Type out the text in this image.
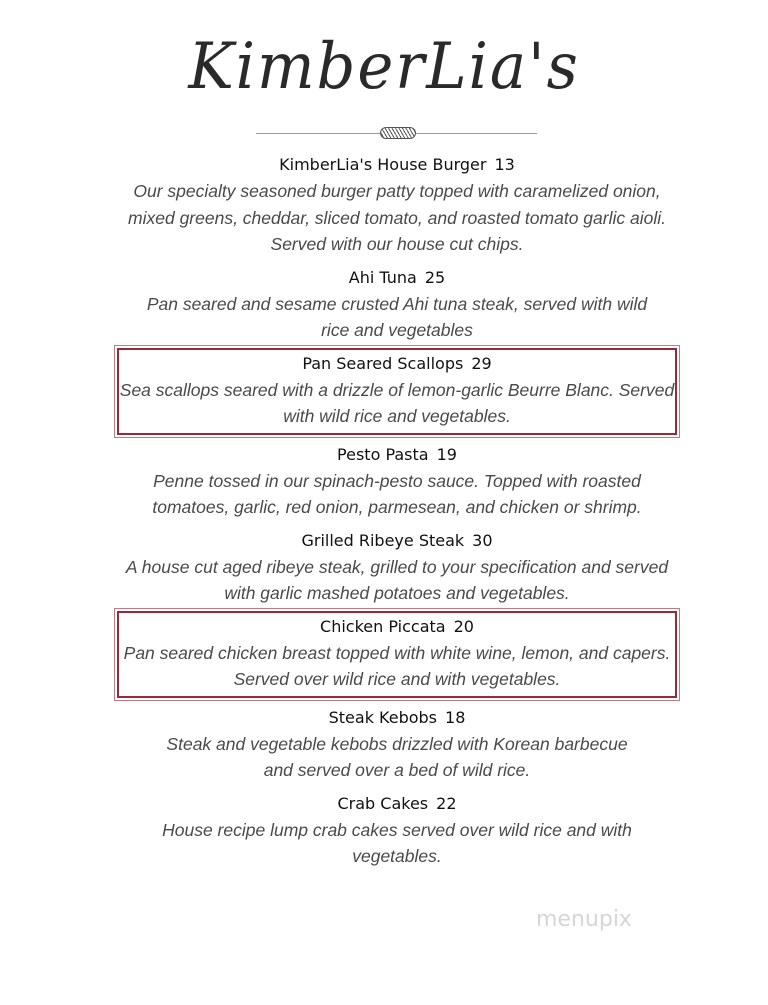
KimberLia's
KimberLia's House Burger 13
Our specialty seasoned burger patty topped with caramelized onion, mixed greens, cheddar, sliced tomato, and roasted tomato garlic aioli. Served with our house cut chips.
Ahi Tuna 25
Pan seared and sesame crusted Ahi tuna steak, served with wild rice and vegetables
Pan Seared Scallops 29
Sea scallops seared with a drizzle of lemon-garlic Beurre Blanc. Served with wild rice and vegetables.
Pesto Pasta 19
Penne tossed in our spinach-pesto sauce. Topped with roasted tomatoes, garlic, red onion, parmesean, and chicken or shrimp.
Grilled Ribeye Steak 30
A house cut aged ribeye steak, grilled to your specification and served with garlic mashed potatoes and vegetables.
Chicken Piccata 20
Pan seared chicken breast topped with white wine, lemon, and capers. Served over wild rice and with vegetables.
Steak Kebobs 18
Steak and vegetable kebobs drizzled with Korean barbecue and served over a bed of wild rice.
Crab Cakes 22
House recipe lump crab cakes served over wild rice and with vegetables.
menupix
